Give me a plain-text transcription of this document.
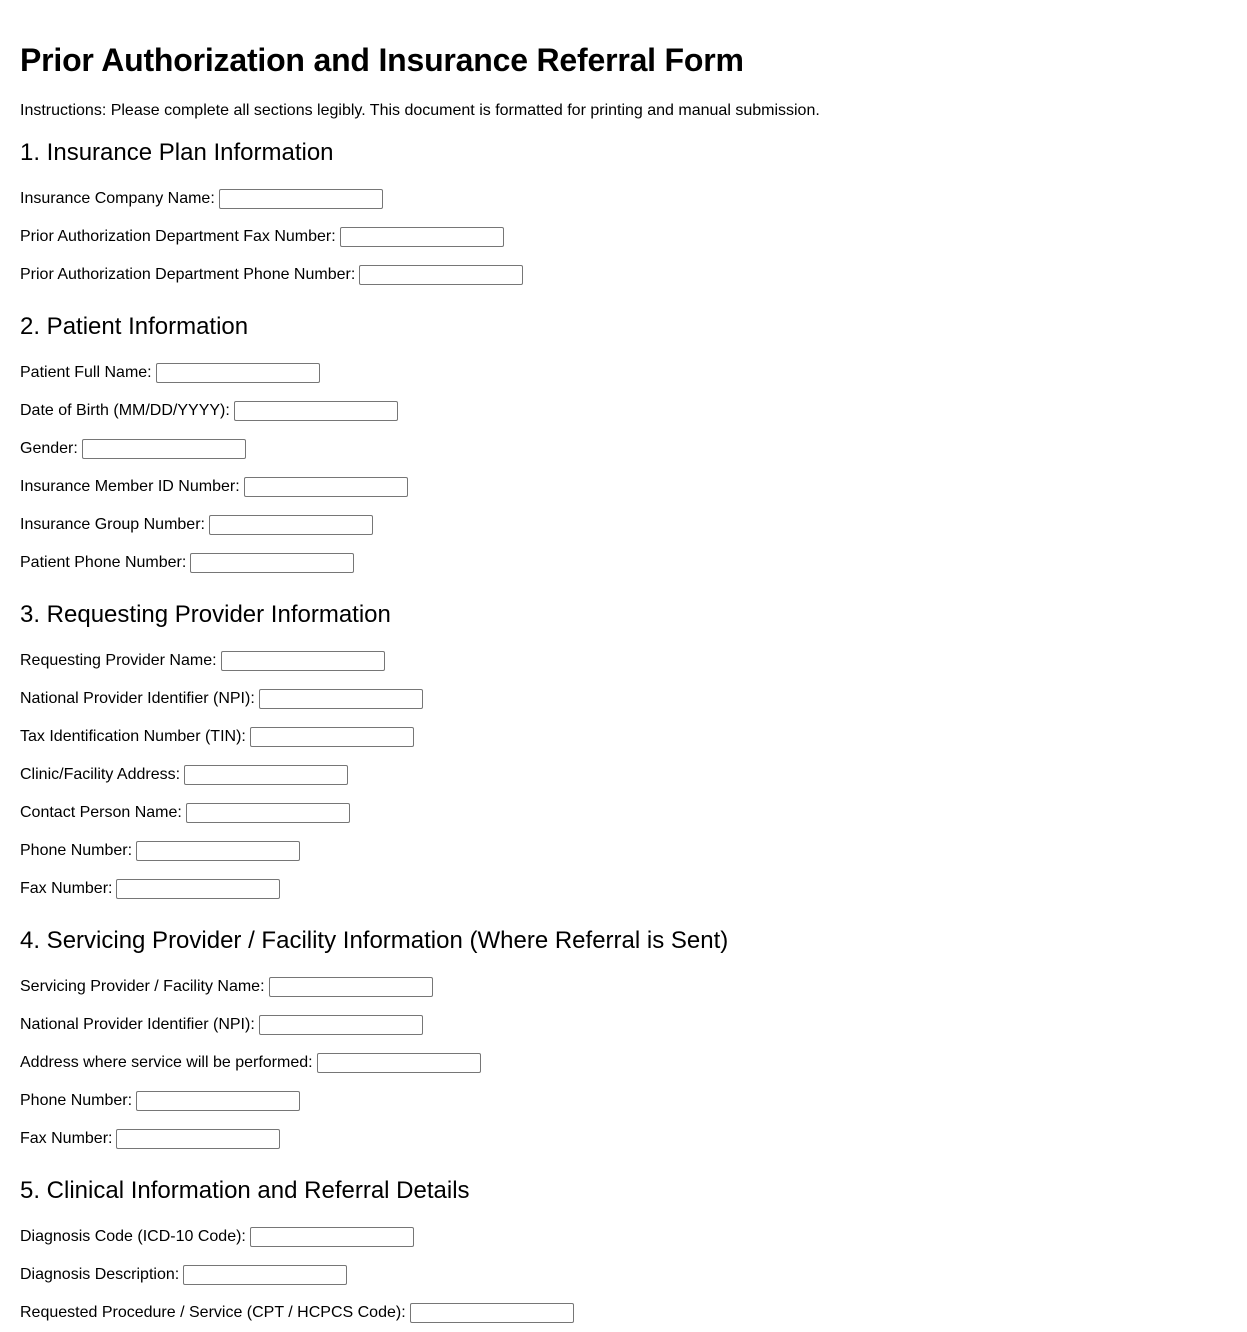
Prior Authorization and Insurance Referral Form

Instructions: Please complete all sections legibly. This document is formatted for printing and manual submission.

1. Insurance Plan Information
Insurance Company Name:
Prior Authorization Department Fax Number:
Prior Authorization Department Phone Number:
2. Patient Information
Patient Full Name:
Date of Birth (MM/DD/YYYY):
Gender:
Insurance Member ID Number:
Insurance Group Number:
Patient Phone Number:
3. Requesting Provider Information
Requesting Provider Name:
National Provider Identifier (NPI):
Tax Identification Number (TIN):
Clinic/Facility Address:
Contact Person Name:
Phone Number:
Fax Number:
4. Servicing Provider / Facility Information (Where Referral is Sent)
Servicing Provider / Facility Name:
National Provider Identifier (NPI):
Address where service will be performed:
Phone Number:
Fax Number:
5. Clinical Information and Referral Details
Diagnosis Code (ICD-10 Code):
Diagnosis Description:
Requested Procedure / Service (CPT / HCPCS Code):
